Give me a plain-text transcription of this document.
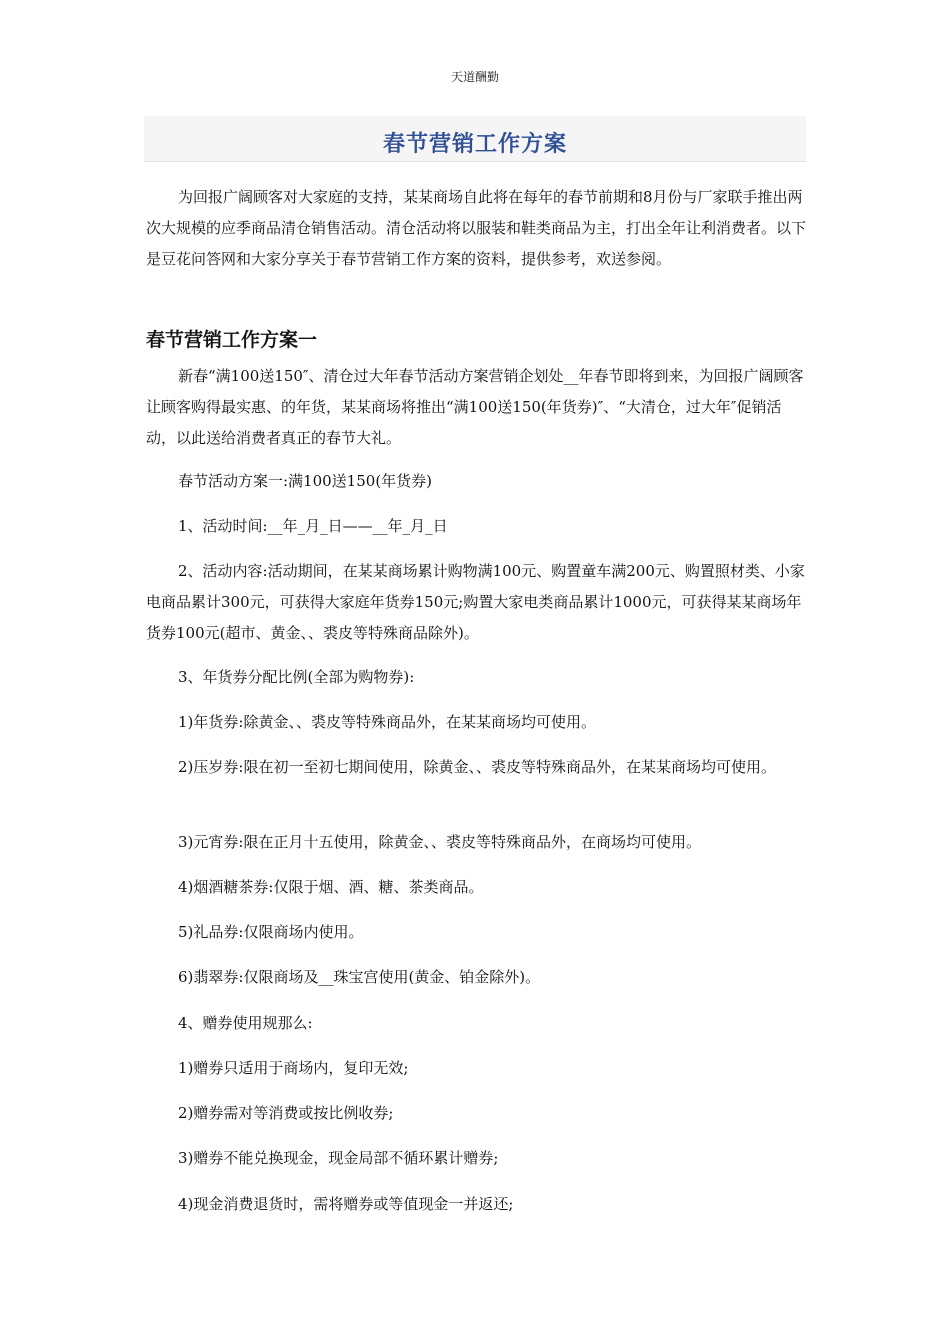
天道酬勤
春节营销工作方案

为回报广阔顾客对大家庭的支持，某某商场自此将在每年的春节前期和8月份与厂家联手推出两次大规模的应季商品清仓销售活动。清仓活动将以服装和鞋类商品为主，打出全年让利消费者。以下是豆花问答网和大家分享关于春节营销工作方案的资料，提供参考，欢送参阅。

春节营销工作方案一

新春“满100送150″、清仓过大年春节活动方案营销企划处__年春节即将到来，为回报广阔顾客让顾客购得最实惠、的年货，某某商场将推出“满100送150(年货券)″、“大清仓，过大年″促销活动，以此送给消费者真正的春节大礼。

春节活动方案一:满100送150(年货券)

1、活动时间:__年_月_日——__年_月_日

2、活动内容:活动期间，在某某商场累计购物满100元、购置童车满200元、购置照材类、小家电商品累计300元，可获得大家庭年货券150元;购置大家电类商品累计1000元，可获得某某商场年货券100元(超市、黄金、、裘皮等特殊商品除外)。

3、年货券分配比例(全部为购物券):

1)年货券:除黄金、、裘皮等特殊商品外，在某某商场均可使用。

2)压岁券:限在初一至初七期间使用，除黄金、、裘皮等特殊商品外，在某某商场均可使用。

3)元宵券:限在正月十五使用，除黄金、、裘皮等特殊商品外，在商场均可使用。

4)烟酒糖茶券:仅限于烟、酒、糖、茶类商品。

5)礼品券:仅限商场内使用。

6)翡翠券:仅限商场及__珠宝宫使用(黄金、铂金除外)。

4、赠券使用规那么:

1)赠券只适用于商场内，复印无效;

2)赠券需对等消费或按比例收券;

3)赠券不能兑换现金，现金局部不循环累计赠券;

4)现金消费退货时，需将赠券或等值现金一并返还;
